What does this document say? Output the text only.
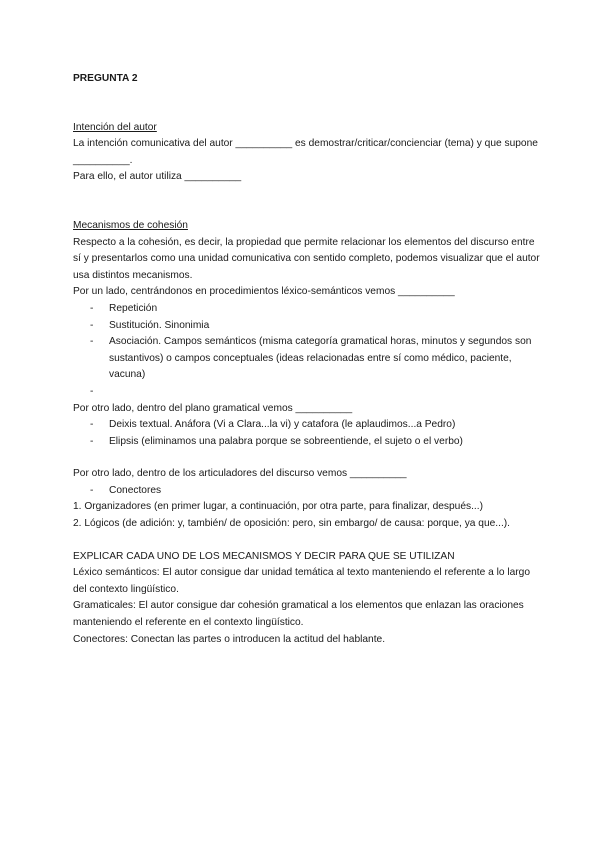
PREGUNTA 2

Intención del autor

La intención comunicativa del autor __________ es demostrar/criticar/concienciar (tema) y que supone __________.

Para ello, el autor utiliza __________

Mecanismos de cohesión

Respecto a la cohesión, es decir, la propiedad que permite relacionar los elementos del discurso entre sí y presentarlos como una unidad comunicativa con sentido completo, podemos visualizar que el autor usa distintos mecanismos.

Por un lado, centrándonos en procedimientos léxico-semánticos vemos __________

- Repetición
- Sustitución. Sinonimia
- Asociación. Campos semánticos (misma categoría gramatical horas, minutos y segundos son sustantivos) o campos conceptuales (ideas relacionadas entre sí como médico, paciente, vacuna)
-

Por otro lado, dentro del plano gramatical vemos __________

- Deixis textual. Anáfora (Vi a Clara...la vi) y catafora (le aplaudimos...a Pedro)
- Elipsis (eliminamos una palabra porque se sobreentiende, el sujeto o el verbo)

Por otro lado, dentro de los articuladores del discurso vemos __________

- Conectores
1. Organizadores (en primer lugar, a continuación, por otra parte, para finalizar, después...)
2. Lógicos (de adición: y, también/ de oposición: pero, sin embargo/ de causa: porque, ya que...).

EXPLICAR CADA UNO DE LOS MECANISMOS Y DECIR PARA QUE SE UTILIZAN

Léxico semánticos: El autor consigue dar unidad temática al texto manteniendo el referente a lo largo del contexto lingüístico.

Gramaticales: El autor consigue dar cohesión gramatical a los elementos que enlazan las oraciones manteniendo el referente en el contexto lingüístico.

Conectores: Conectan las partes o introducen la actitud del hablante.
